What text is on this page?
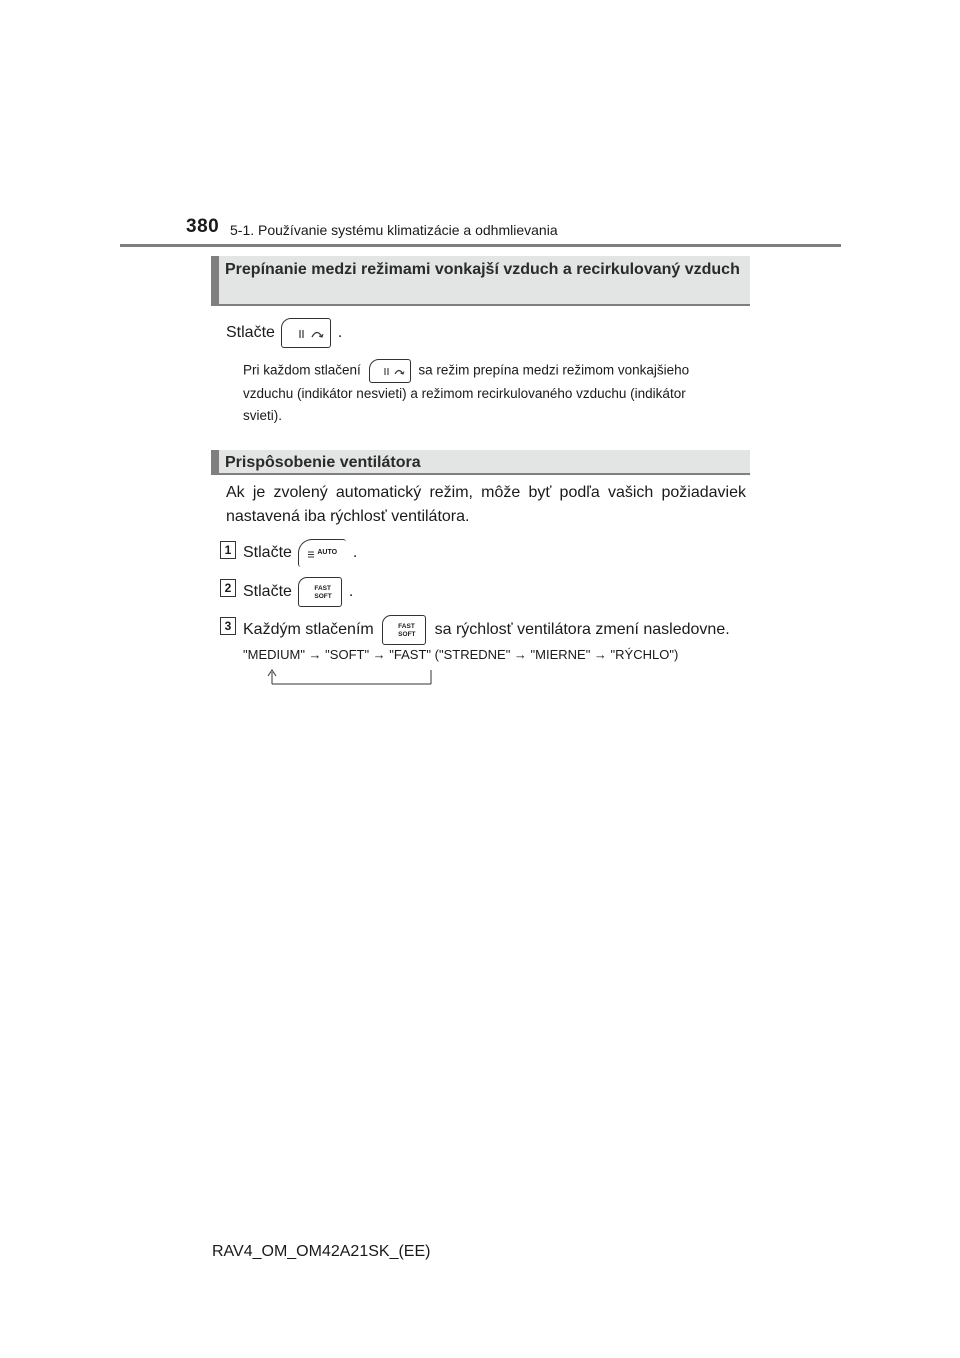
380 5-1. Používanie systému klimatizácie a odhmlievania
Prepínanie medzi režimami vonkajší vzduch a recirkulovaný vzduch
Stlačte	.
Pri každom stlačení	sa režim prepína medzi režimom vonkajšieho
vzduchu (indikátor nesvieti) a režimom recirkulovaného vzduchu (indikátor
svieti).
Prispôsobenie ventilátora
Ak je zvolený automatický režim, môže byť podľa vašich požiadaviek
nastavená iba rýchlosť ventilátora.
1 Stlačte	AUTO .
2 Stlačte	FAST
SOFT .
3 Každým stlačením	FAST
SOFT sa rýchlosť ventilátora zmení nasledovne.
"MEDIUM" → "SOFT" → "FAST" ("STREDNE" → "MIERNE" → "RÝCHLO")
RAV4_OM_OM42A21SK_(EE)
